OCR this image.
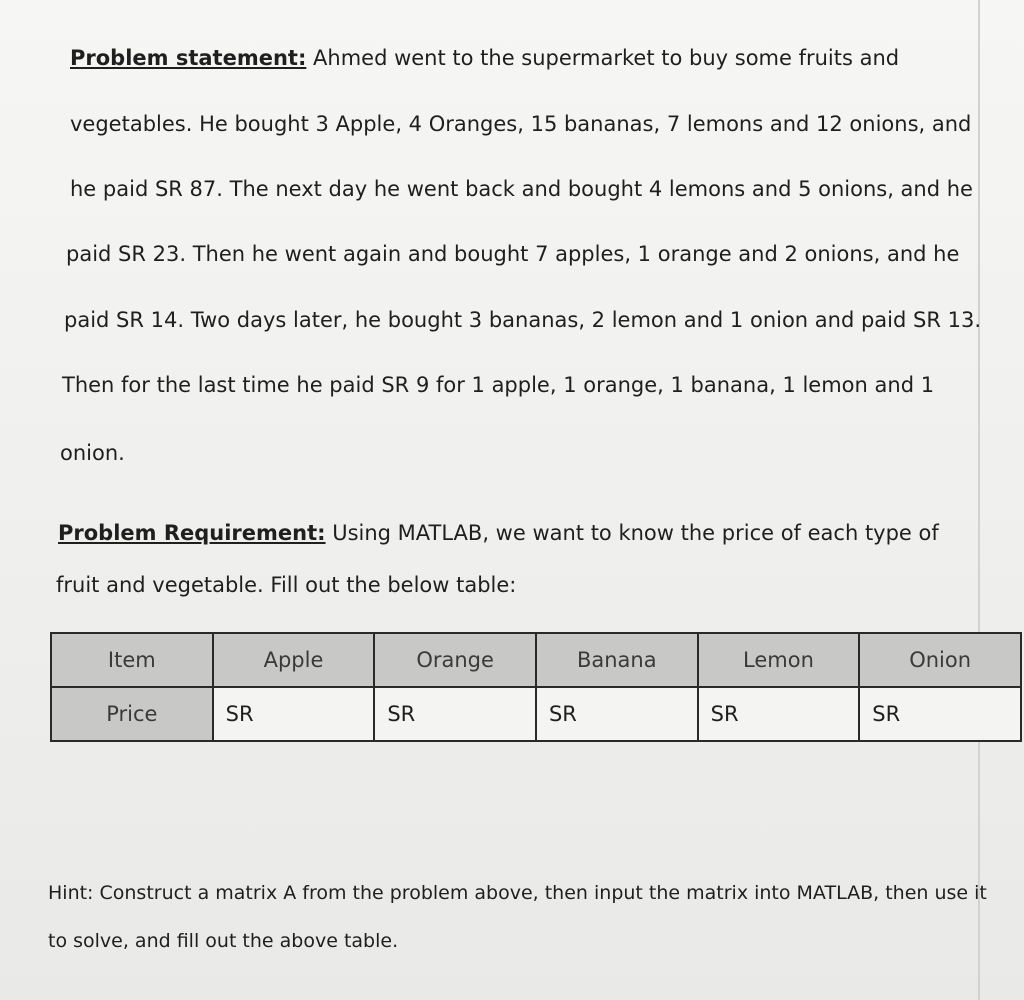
Problem statement: Ahmed went to the supermarket to buy some fruits and
vegetables. He bought 3 Apple, 4 Oranges, 15 bananas, 7 lemons and 12 onions, and
he paid SR 87. The next day he went back and bought 4 lemons and 5 onions, and he
paid SR 23. Then he went again and bought 7 apples, 1 orange and 2 onions, and he
paid SR 14. Two days later, he bought 3 bananas, 2 lemon and 1 onion and paid SR 13.
Then for the last time he paid SR 9 for 1 apple, 1 orange, 1 banana, 1 lemon and 1
onion.
Problem Requirement: Using MATLAB, we want to know the price of each type of
fruit and vegetable. Fill out the below table:
Item	Apple	Orange	Banana	Lemon	Onion
Price	SR	SR	SR	SR	SR
Hint: Construct a matrix A from the problem above, then input the matrix into MATLAB, then use it
to solve, and fill out the above table.
